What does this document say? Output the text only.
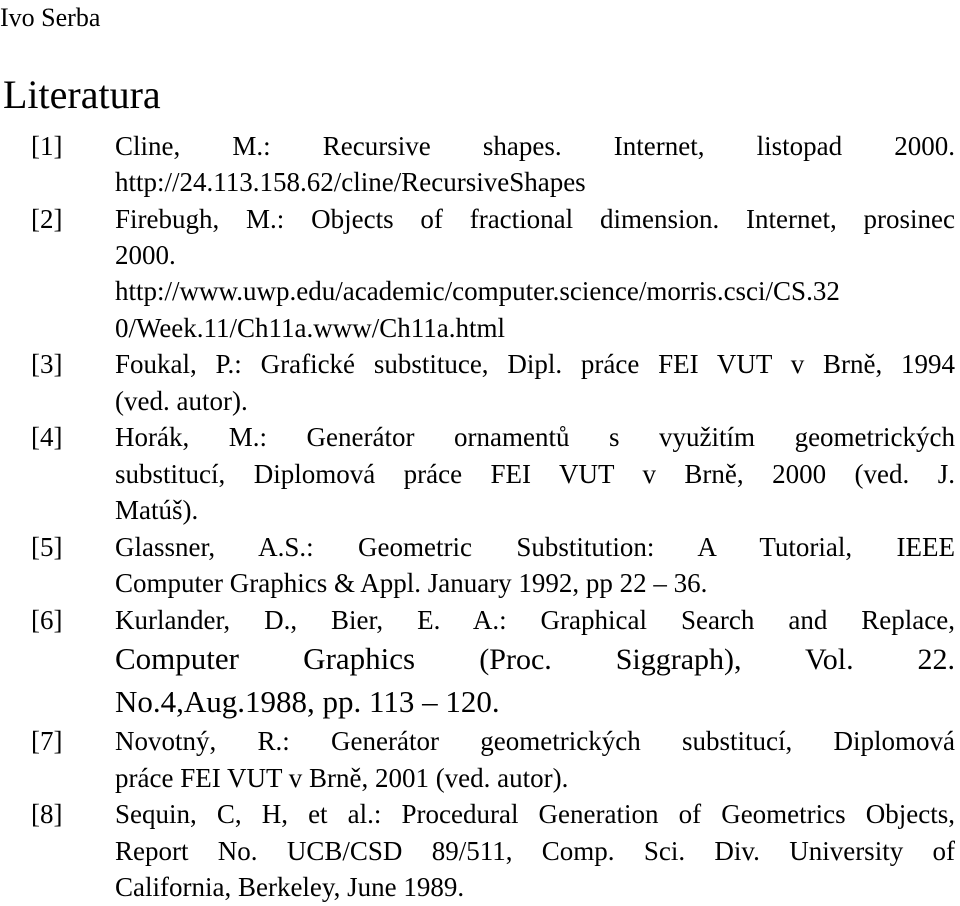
Ivo Serba
Literatura
[1] Cline, M.: Recursive shapes. Internet, listopad 2000.
http://24.113.158.62/cline/RecursiveShapes
[2] Firebugh, M.: Objects of fractional dimension. Internet, prosinec
2000.
http://www.uwp.edu/academic/computer.science/morris.csci/CS.32
0/Week.11/Ch11a.www/Ch11a.html
[3] Foukal, P.: Grafické substituce, Dipl. práce FEI VUT v Brně, 1994
(ved. autor).
[4] Horák, M.: Generátor ornamentů s využitím geometrických
substitucí, Diplomová práce FEI VUT v Brně, 2000 (ved. J.
Matúš).
[5] Glassner, A.S.: Geometric Substitution: A Tutorial, IEEE
Computer Graphics & Appl. January 1992, pp 22 – 36.
[6] Kurlander, D., Bier, E. A.: Graphical Search and Replace,
Computer Graphics (Proc. Siggraph), Vol. 22.
No.4,Aug.1988, pp. 113 – 120.
[7] Novotný, R.: Generátor geometrických substitucí, Diplomová
práce FEI VUT v Brně, 2001 (ved. autor).
[8] Sequin, C, H, et al.: Procedural Generation of Geometrics Objects,
Report No. UCB/CSD 89/511, Comp. Sci. Div. University of
California, Berkeley, June 1989.
